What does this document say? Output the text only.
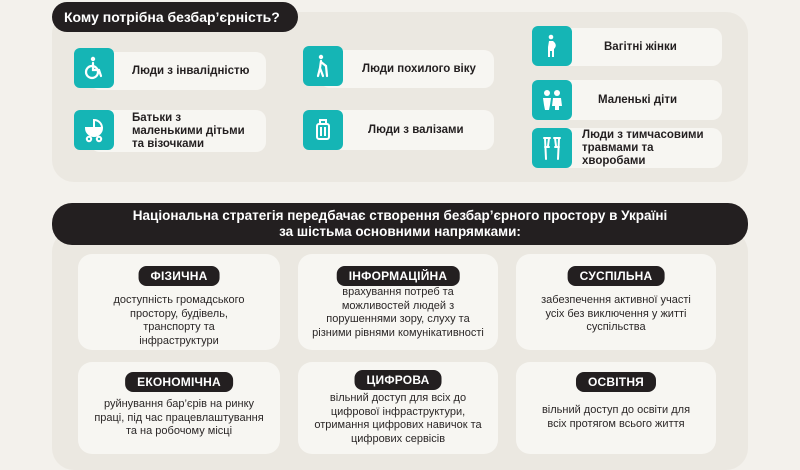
Кому потрібна безбар’єрність?
Люди з інвалідністю
Батьки з маленькими дітьми та візочками
Люди похилого віку
Люди з валізами
Вагітні жінки
Маленькі діти
Люди з тимчасовими травмами та хворобами
Національна стратегія передбачає створення безбар’єрного простору в Україні
за шістьма основними напрямками:
ФІЗИЧНА
доступність громадського простору, будівель, транспорту та інфраструктури
ІНФОРМАЦІЙНА
врахування потреб та можливостей людей з порушеннями зору, слуху та різними рівнями комунікативності
СУСПІЛЬНА
забезпечення активної участі усіх без виключення у житті суспільства
ЕКОНОМІЧНА
руйнування бар’єрів на ринку праці, під час працевлаштування та на робочому місці
ЦИФРОВА
вільний доступ для всіх до цифрової інфраструктури, отримання цифрових навичок та цифрових сервісів
ОСВІТНЯ
вільний доступ до освіти для всіх протягом всього життя
